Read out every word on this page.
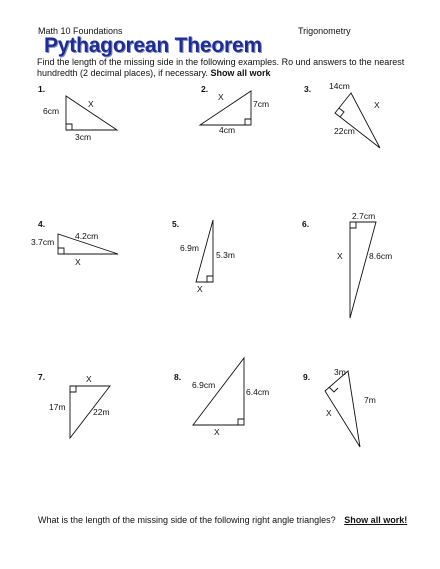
Math 10 Foundations	Trigonometry
Pythagorean Theorem
Find the length of the missing side in the following examples. Ro und answers to the nearest
hundredth (2 decimal places), if necessary. Show all work
1.	2.	3.
4.	5.	6.
7.	8.	9.
6cm
3cm
X	7cm
4cm
X
14cm
22cm
X
4.2cm
3.7cm
X
6.9m
5.3m
X
2.7cm
8.6cm
X
17m	22m
X
6.9cm
6.4cm
X
3m
7m
X
What is the length of the missing side of the following right angle triangles? Show all work!
